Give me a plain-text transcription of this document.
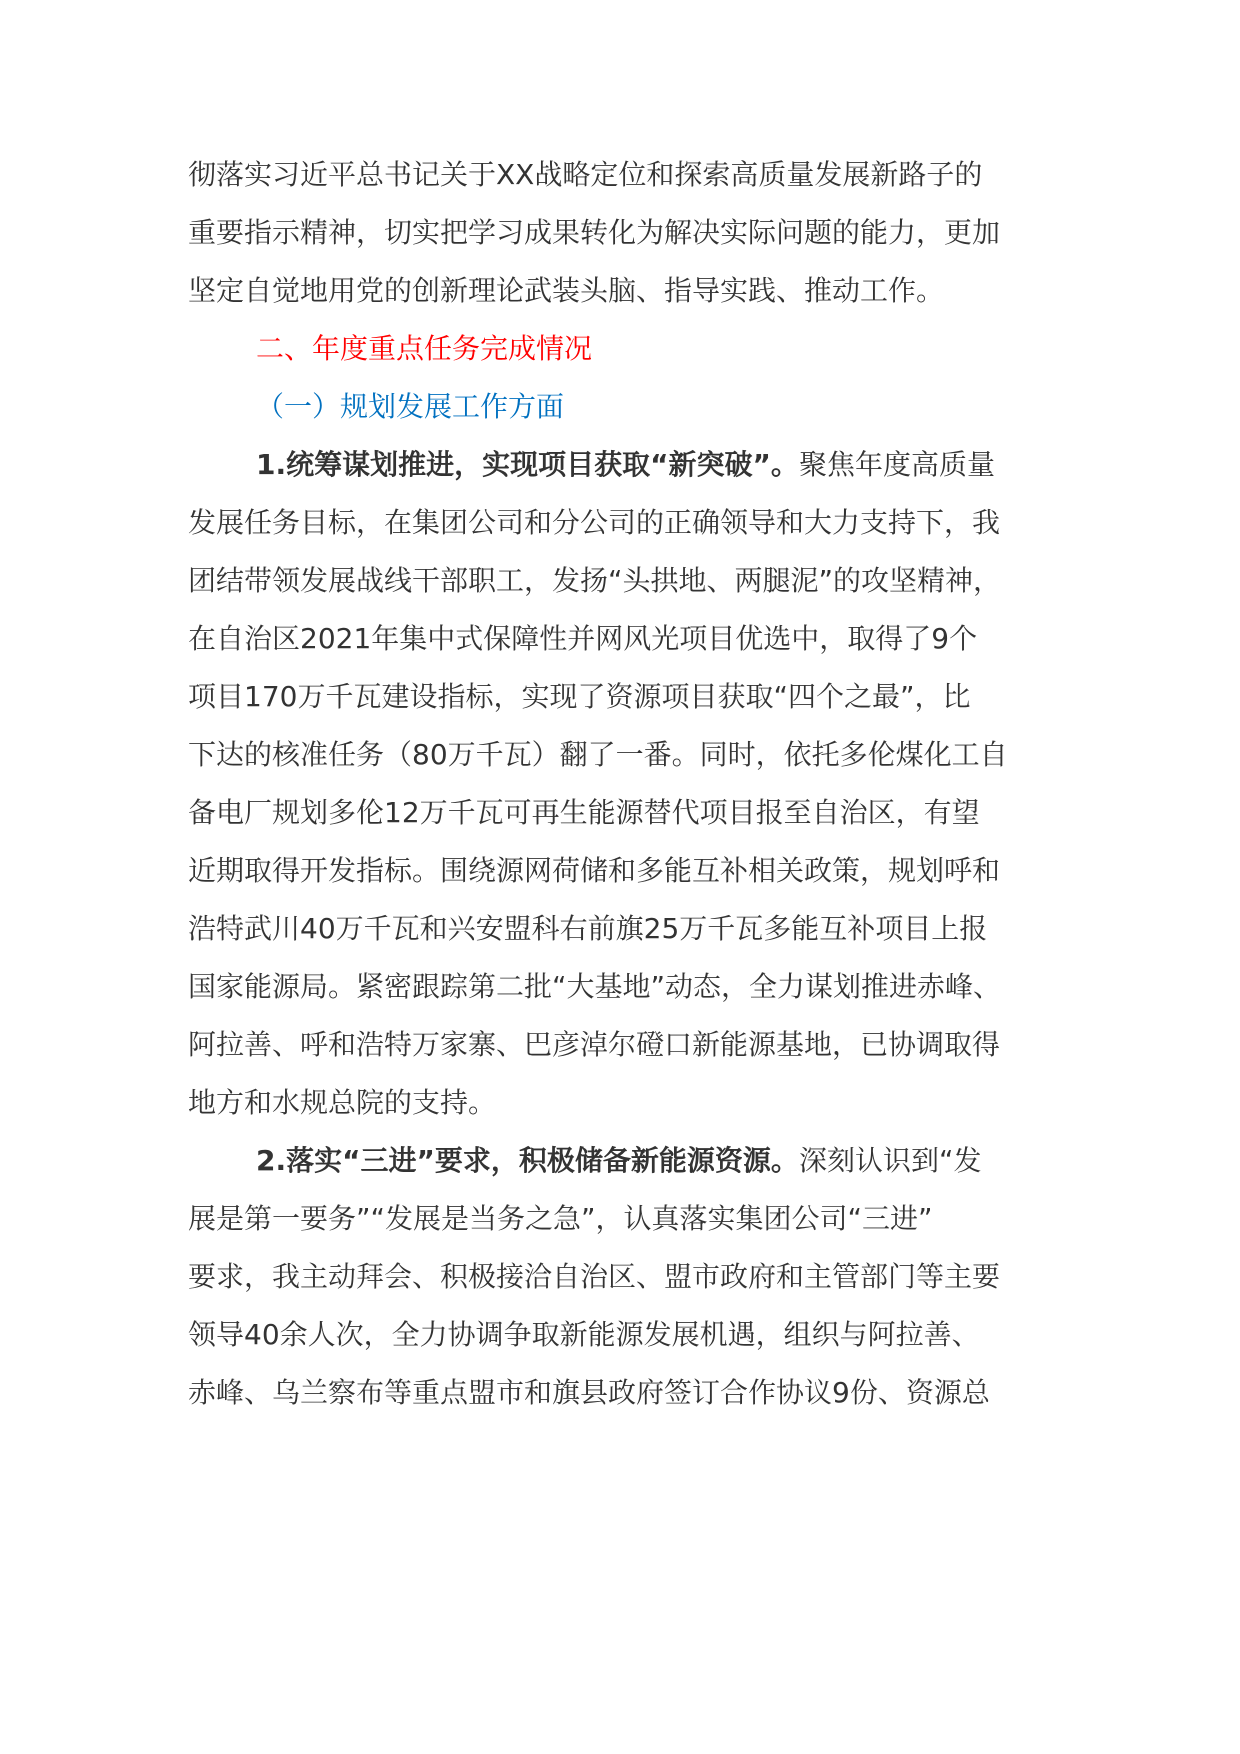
彻落实习近平总书记关于XX战略定位和探索高质量发展新路子的
重要指示精神，切实把学习成果转化为解决实际问题的能力，更加
坚定自觉地用党的创新理论武装头脑、指导实践、推动工作。
二、年度重点任务完成情况
（一）规划发展工作方面
1.统筹谋划推进，实现项目获取“新突破”。聚焦年度高质量
发展任务目标，在集团公司和分公司的正确领导和大力支持下，我
团结带领发展战线干部职工，发扬“头拱地、两腿泥”的攻坚精神，
在自治区2021年集中式保障性并网风光项目优选中，取得了9个
项目170万千瓦建设指标，实现了资源项目获取“四个之最”，比
下达的核准任务（80万千瓦）翻了一番。同时，依托多伦煤化工自
备电厂规划多伦12万千瓦可再生能源替代项目报至自治区，有望
近期取得开发指标。围绕源网荷储和多能互补相关政策，规划呼和
浩特武川40万千瓦和兴安盟科右前旗25万千瓦多能互补项目上报
国家能源局。紧密跟踪第二批“大基地”动态，全力谋划推进赤峰、
阿拉善、呼和浩特万家寨、巴彦淖尔磴口新能源基地，已协调取得
地方和水规总院的支持。
2.落实“三进”要求，积极储备新能源资源。深刻认识到“发
展是第一要务”“发展是当务之急”，认真落实集团公司“三进”
要求，我主动拜会、积极接洽自治区、盟市政府和主管部门等主要
领导40余人次，全力协调争取新能源发展机遇，组织与阿拉善、
赤峰、乌兰察布等重点盟市和旗县政府签订合作协议9份、资源总
